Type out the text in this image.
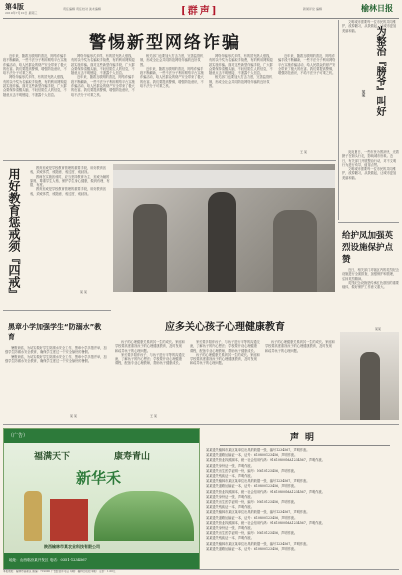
第4版
2019年7月10日 星期三
责任编辑 责任校对 美术编辑	[群声]	新闻评论 编辑	榆林日报
警惕新型网络诈骗

近年来，随着互联网的普及，网络诈骗手段不断翻新，一些不法分子利用网络平台实施诈骗活动，给人民群众的财产安全带来了极大的危害。我们要提高警惕，增强防范意识，不给不法分子可乘之机。

网络诈骗形式多样，有的冒充熟人借钱，有的以中奖为名骗取手续费，有的利用网购退款实施诈骗。面对这些新型诈骗手段，广大群众要保持清醒头脑，不轻信陌生人的信息，不随意点击不明链接，不泄露个人信息。

网络诈骗形式多样，有的冒充熟人借钱，有的以中奖为名骗取手续费，有的利用网购退款实施诈骗。面对这些新型诈骗手段，广大群众要保持清醒头脑，不轻信陌生人的信息，不随意点击不明链接，不泄露个人信息。

近年来，随着互联网的普及，网络诈骗手段不断翻新，一些不法分子利用网络平台实施诈骗活动，给人民群众的财产安全带来了极大的危害。我们要提高警惕，增强防范意识，不给不法分子可乘之机。

相关部门也要加大打击力度，完善监管机制，形成全社会共同防范网络诈骗的良好氛围。

近年来，随着互联网的普及，网络诈骗手段不断翻新，一些不法分子利用网络平台实施诈骗活动，给人民群众的财产安全带来了极大的危害。我们要提高警惕，增强防范意识，不给不法分子可乘之机。

网络诈骗形式多样，有的冒充熟人借钱，有的以中奖为名骗取手续费，有的利用网购退款实施诈骗。面对这些新型诈骗手段，广大群众要保持清醒头脑，不轻信陌生人的信息，不随意点击不明链接，不泄露个人信息。

相关部门也要加大打击力度，完善监管机制，形成全社会共同防范网络诈骗的良好氛围。

近年来，随着互联网的普及，网络诈骗手段不断翻新，一些不法分子利用网络平台实施诈骗活动，给人民群众的财产安全带来了极大的危害。我们要提高警惕，增强防范意识，不给不法分子可乘之机。

王 某

文明城市需要每一位市民的共同维护，改掉陋习，从我做起，让城市更加美丽和谐。	为整治『膀爷』叫好
某某

炎炎夏日，一些市民为图凉快，光着膀子在街头行走，影响城市形象。近日，有关部门开展整治行动，对不文明行为进行劝导，值得点赞。

文明城市需要每一位市民的共同维护，改掉陋习，从我做起，让城市更加美丽和谐。

用好教育惩戒须『四戒』	教育惩戒是学校教育管理的重要手段，用好教育惩戒，须戒体罚、戒随意、戒过度、戒歧视。

教师在实施惩戒时，应当坚持教育为主、惩戒为辅的原则，尊重学生人格，保护学生身心健康，做到有理、有据、有度。

教育惩戒是学校教育管理的重要手段，用好教育惩戒，须戒体罚、戒随意、戒过度、戒歧视。

某 某
给护凤加强英烈设施保护点赞

近日，相关部门对辖区内的英烈纪念设施进行全面排查，加强保护和管理，弘扬英烈精神。

英烈纪念设施是传承红色基因的重要载体，做好保护工作意义重大。

某某
应多关心孩子心理健康教育

孩子的心理健康关系到其一生的成长。家庭和学校要高度重视孩子的心理健康教育，及时发现和疏导孩子的心理问题。

家长要多陪伴孩子，与孩子进行平等的沟通交流，了解孩子的内心想法；学校要开设心理健康课程，配备专业心理教师，帮助孩子健康成长。

家长要多陪伴孩子，与孩子进行平等的沟通交流，了解孩子的内心想法；学校要开设心理健康课程，配备专业心理教师，帮助孩子健康成长。

孩子的心理健康关系到其一生的成长。家庭和学校要高度重视孩子的心理健康教育，及时发现和疏导孩子的心理问题。

孩子的心理健康关系到其一生的成长。家庭和学校要高度重视孩子的心理健康教育，及时发现和疏导孩子的心理问题。

王 某
黑章小学加强学生“防溺水”教育

暑假来临，为切实做好学生防溺水安全工作，黑章小学多措并举，加强学生防溺水安全教育，确保学生度过一个安全愉快的暑假。

暑假来临，为切实做好学生防溺水安全工作，黑章小学多措并举，加强学生防溺水安全教育，确保学生度过一个安全愉快的暑假。

某 某
（广告）
福满天下	康寿青山
新华禾
陕西榆林市某农业科技有限公司
地址：山西临汾某开发区 电话：0351-1234567
声明
某某遗失榆林市某区某单位出具的收据一张，编号1234567，声明作废。
某某遗失道路运输证一本，证号：610800123456，声明作废。
某某遗失营业执照副本，统一社会信用代码：91610800MA1234567，声明作废。
某某遗失身份证一张，声明作废。
某某遗失出生医学证明一份，编号：N610123456，声明作废。
某某遗失残疾证一本，声明作废。
某某遗失榆林市某区某单位出具的收据一张，编号1234567，声明作废。
某某遗失道路运输证一本，证号：610800123456，声明作废。
某某遗失营业执照副本，统一社会信用代码：91610800MA1234567，声明作废。
某某遗失身份证一张，声明作废。
某某遗失出生医学证明一份，编号：N610123456，声明作废。
某某遗失残疾证一本，声明作废。
某某遗失榆林市某区某单位出具的收据一张，编号1234567，声明作废。
某某遗失道路运输证一本，证号：610800123456，声明作废。
某某遗失营业执照副本，统一社会信用代码：91610800MA1234567，声明作废。
某某遗失身份证一张，声明作废。
某某遗失出生医学证明一份，编号：N610123456，声明作废。
某某遗失残疾证一本，声明作废。
某某遗失榆林市某区某单位出具的收据一张，编号1234567，声明作废。
某某遗失道路运输证一本，证号：610800123456，声明作废。
本报地址：榆林市高新区 邮编：719000 广告经营许可证 印刷：榆林日报社印刷厂 定价：1.00元
